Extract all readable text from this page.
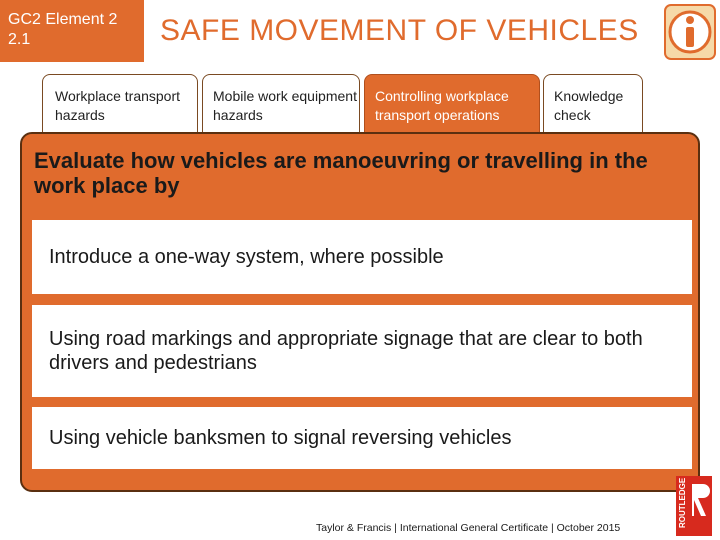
GC2 Element 2 2.1	SAFE MOVEMENT OF VEHICLES
Workplace transport hazards
Mobile work equipment hazards
Controlling workplace transport operations
Knowledge check
Evaluate how vehicles are manoeuvring or travelling in the work place by
Introduce a one-way system, where possible
Using road markings and appropriate signage that are clear to both drivers and pedestrians
Using vehicle banksmen to signal reversing vehicles
Taylor & Francis | International General Certificate | October 2015	ROUTLEDGE
